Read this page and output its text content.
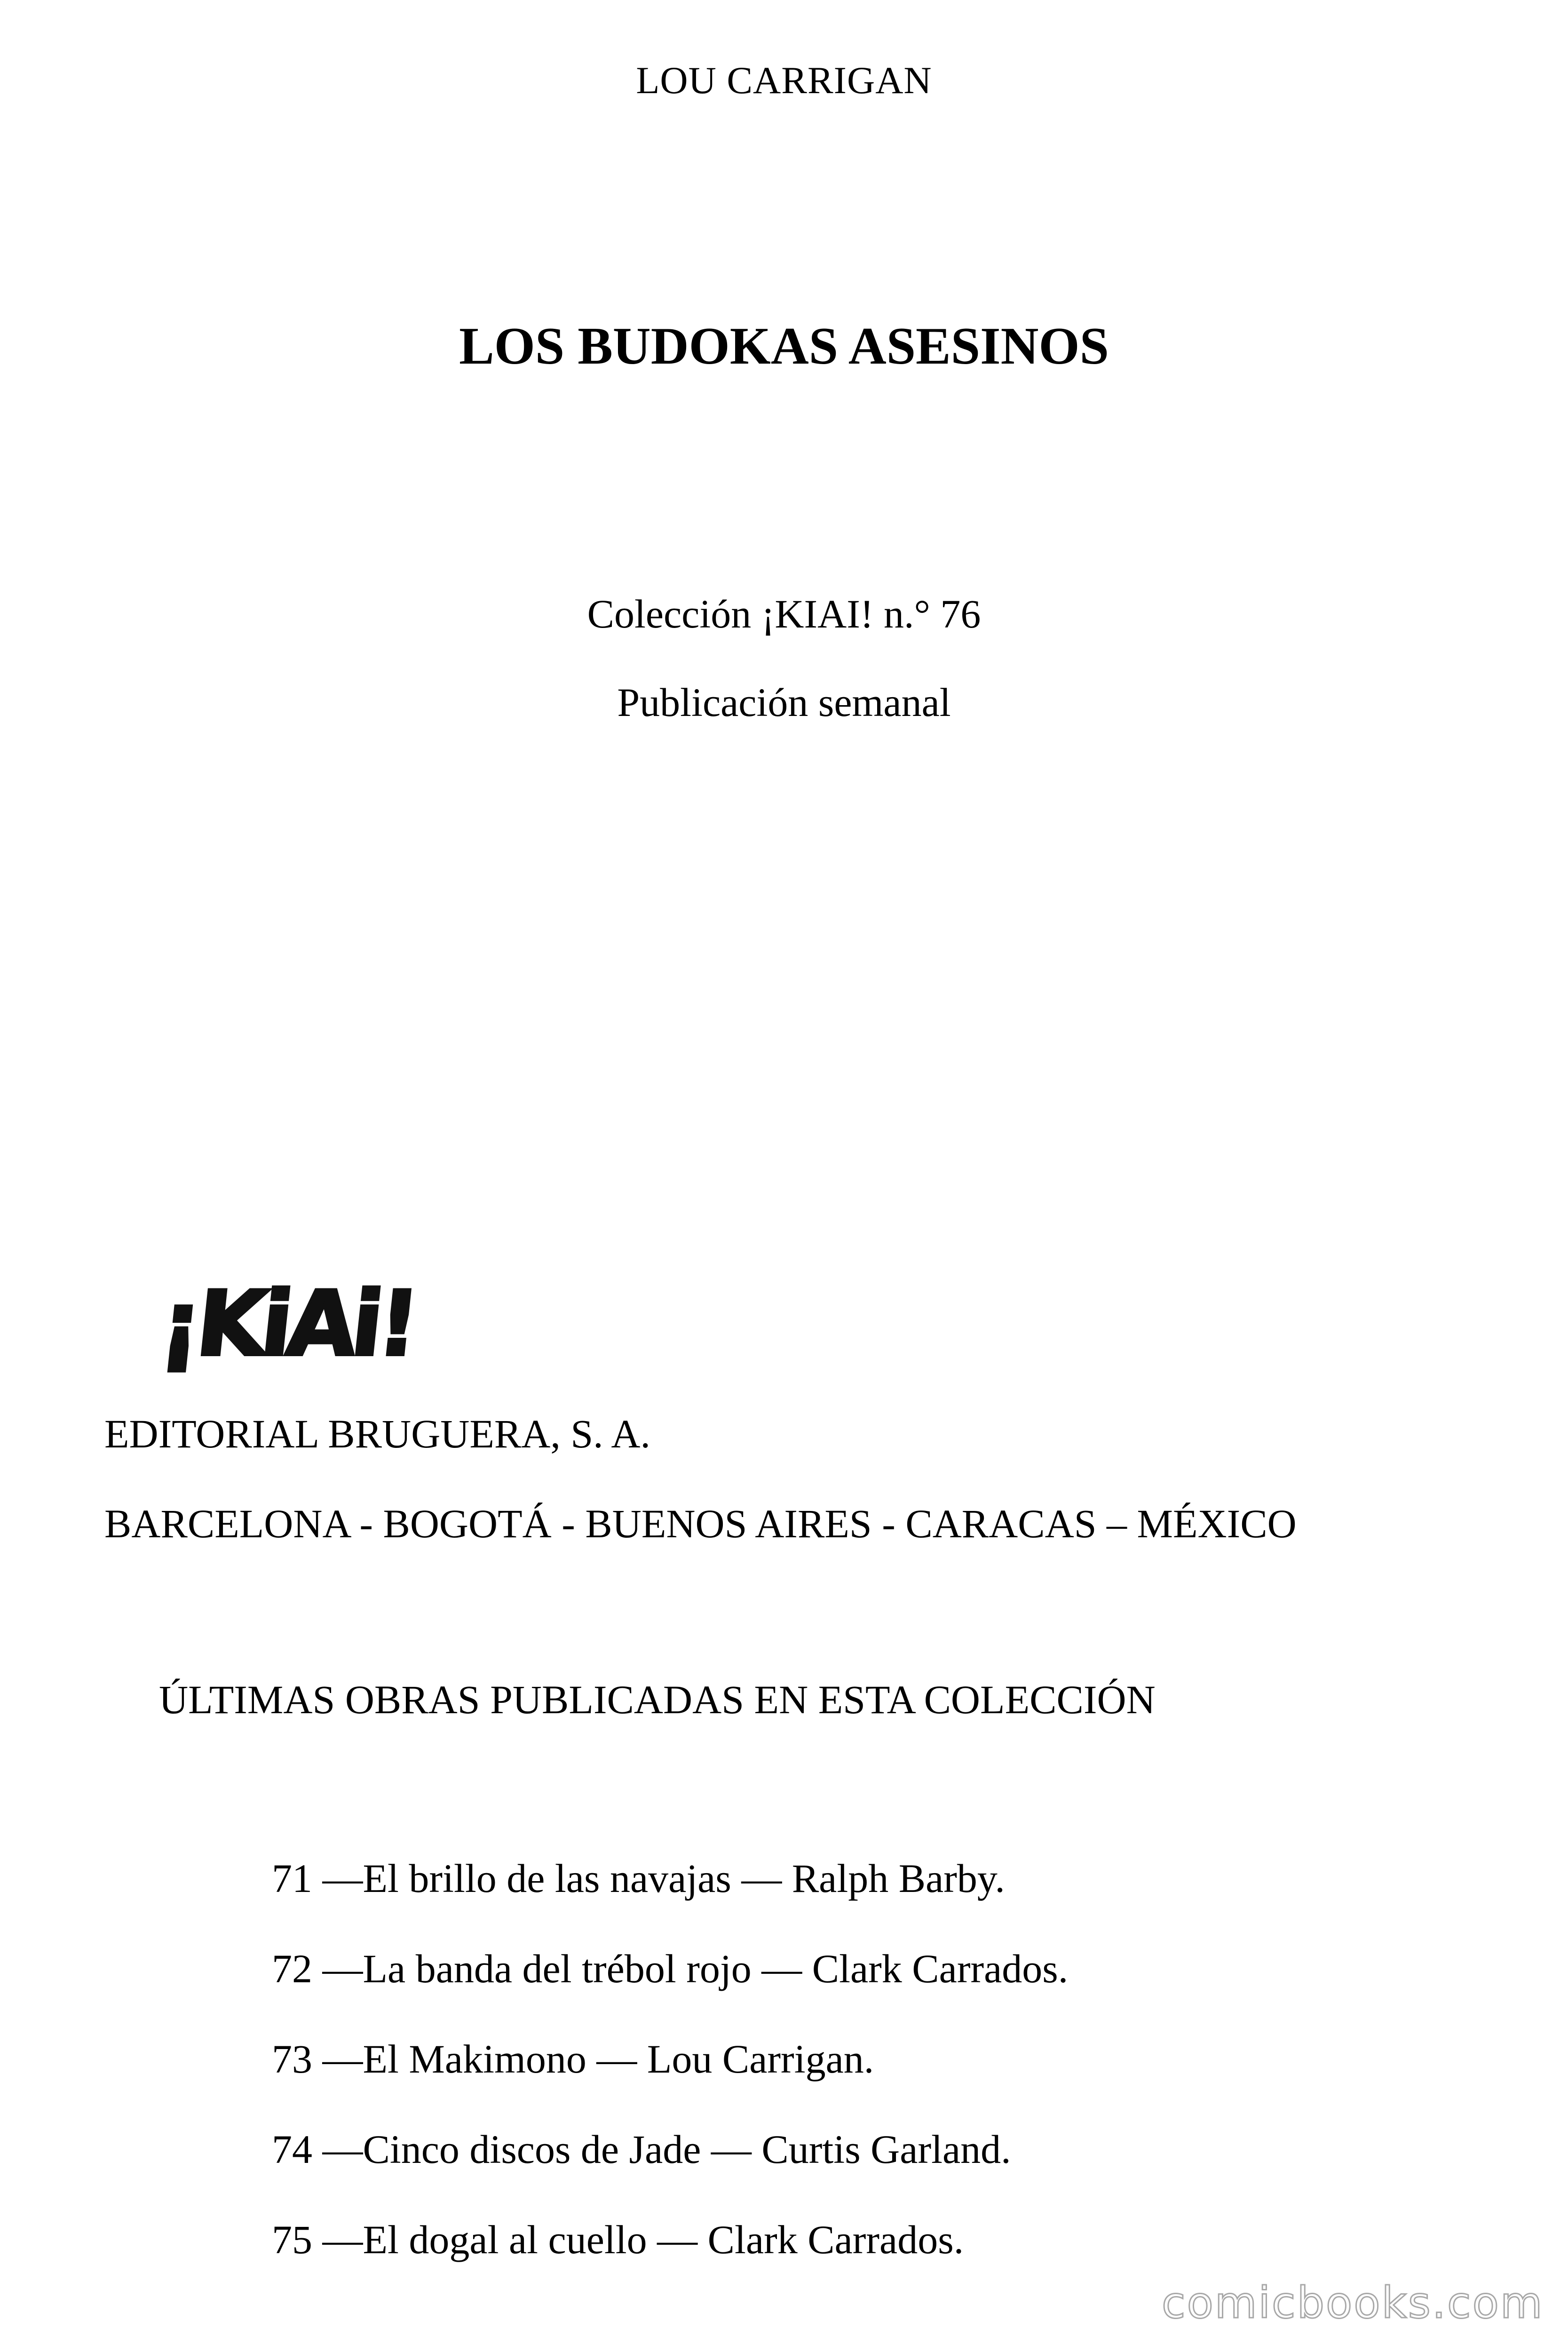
LOU CARRIGAN
LOS BUDOKAS ASESINOS
Colección ¡KIAI! n.° 76
Publicación semanal
¡KiAi!
EDITORIAL BRUGUERA, S. A.
BARCELONA - BOGOTÁ - BUENOS AIRES - CARACAS – MÉXICO
ÚLTIMAS OBRAS PUBLICADAS EN ESTA COLECCIÓN
71 —El brillo de las navajas — Ralph Barby.
72 —La banda del trébol rojo — Clark Carrados.
73 —El Makimono — Lou Carrigan.
74 —Cinco discos de Jade — Curtis Garland.
75 —El dogal al cuello — Clark Carrados.
comicbooks.com
